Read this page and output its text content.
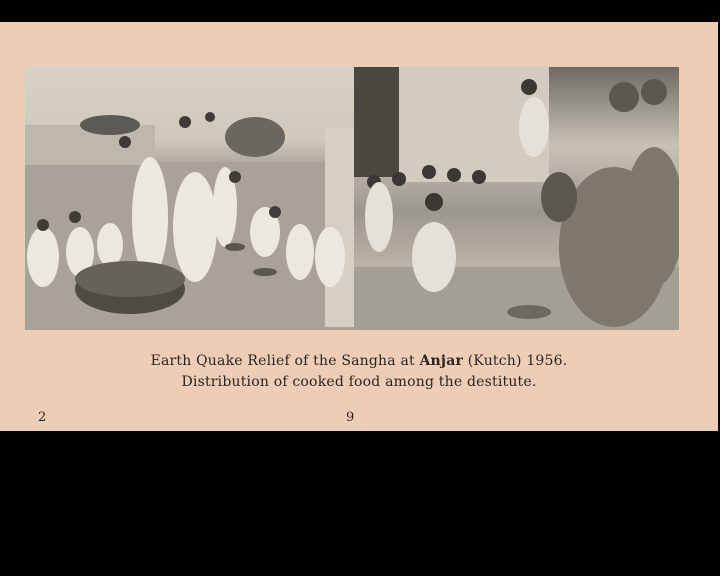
Earth Quake Relief of the Sangha at Anjar (Kutch) 1956.
Distribution of cooked food among the destitute.
2	9
